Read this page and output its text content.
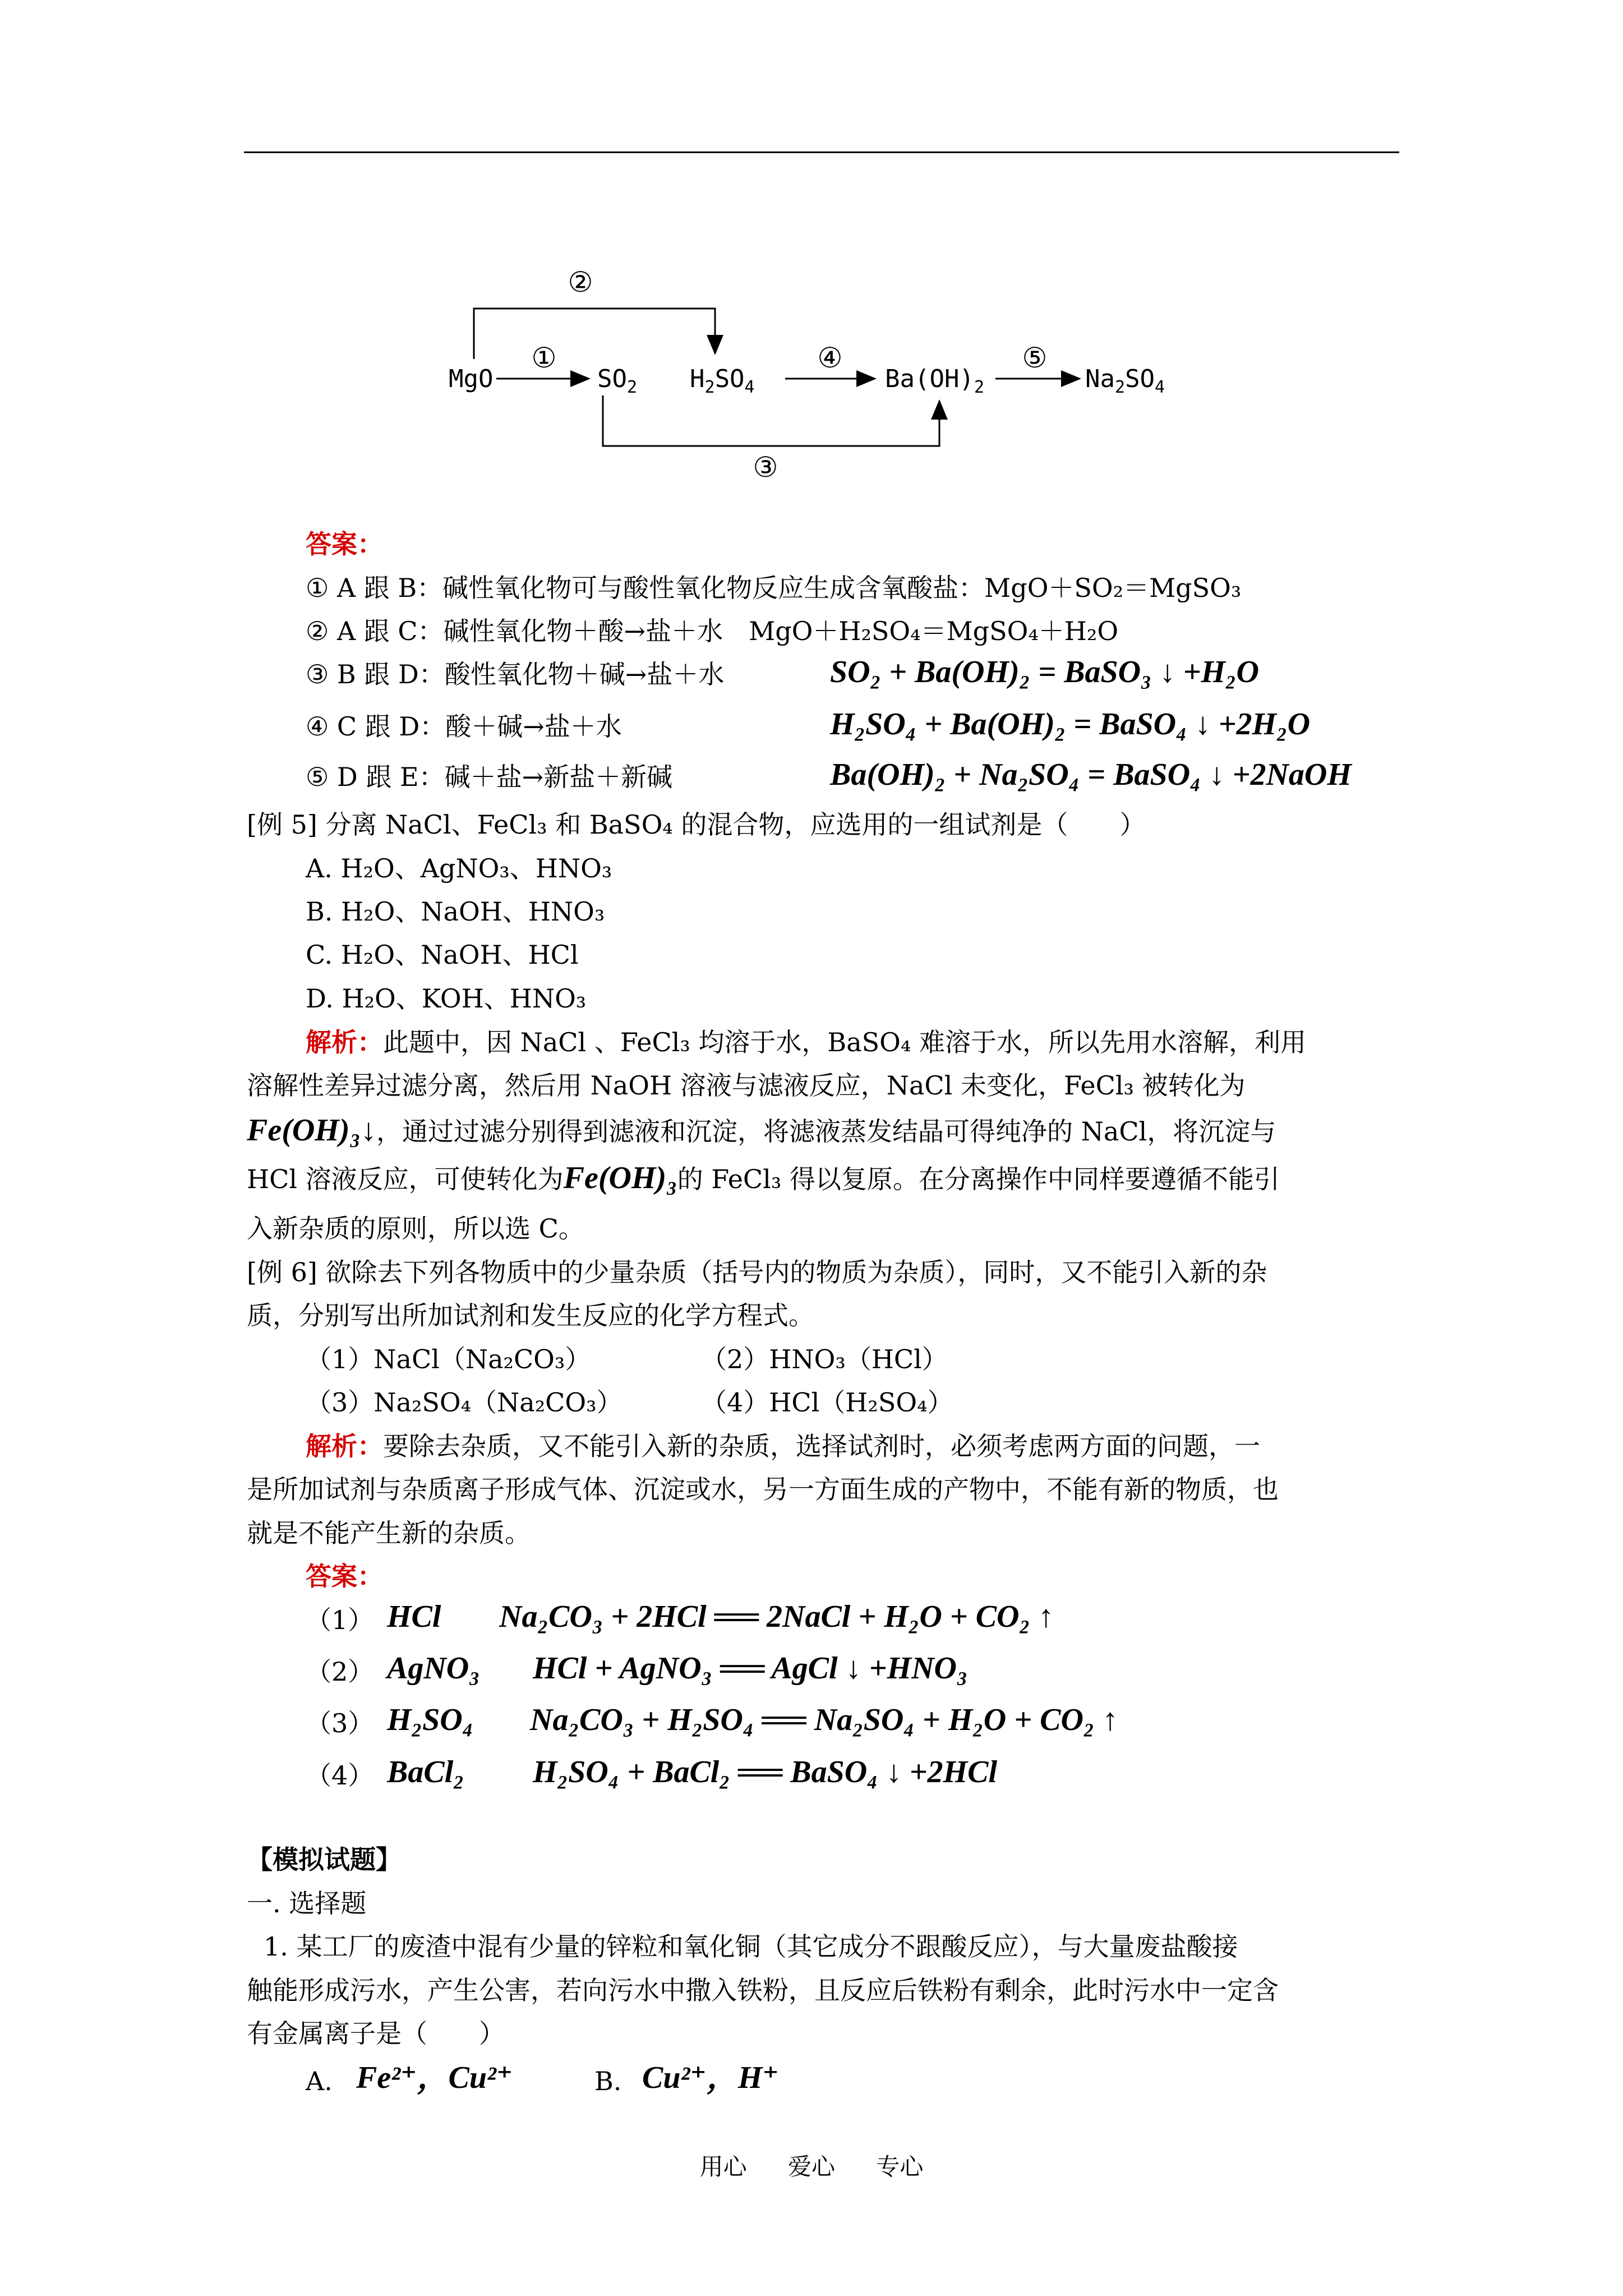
MgO	$SO_2$ $H_2SO_4$	$Ba(OH)_2$	$Na_2SO_4$
①
②
③
④	⑤
答案：
① A 跟 B：碱性氧化物可与酸性氧化物反应生成含氧酸盐：MgO＋SO₂＝MgSO₃
② A 跟 C：碱性氧化物＋酸→盐＋水　MgO＋H₂SO₄＝MgSO₄＋H₂O
③ B 跟 D：酸性氧化物＋碱→盐＋水	SO₂ + Ba(OH)₂ = BaSO₃ ↓ +H₂O
④ C 跟 D：酸＋碱→盐＋水	H₂SO₄ + Ba(OH)₂ = BaSO₄ ↓ +2H₂O
⑤ D 跟 E：碱＋盐→新盐＋新碱	Ba(OH)₂ + Na₂SO₄ = BaSO₄ ↓ +2NaOH
[例 5] 分离 NaCl、FeCl₃ 和 BaSO₄ 的混合物，应选用的一组试剂是（　　）
A. H₂O、AgNO₃、HNO₃
B. H₂O、NaOH、HNO₃
C. H₂O、NaOH、HCl
D. H₂O、KOH、HNO₃
解析：此题中，因 NaCl 、FeCl₃ 均溶于水，BaSO₄ 难溶于水，所以先用水溶解，利用
溶解性差异过滤分离，然后用 NaOH 溶液与滤液反应，NaCl 未变化，FeCl₃ 被转化为
Fe(OH)₃↓，通过过滤分别得到滤液和沉淀，将滤液蒸发结晶可得纯净的 NaCl，将沉淀与
HCl 溶液反应，可使转化为Fe(OH)₃的 FeCl₃ 得以复原。在分离操作中同样要遵循不能引
入新杂质的原则，所以选 C。
[例 6] 欲除去下列各物质中的少量杂质（括号内的物质为杂质），同时，又不能引入新的杂
质，分别写出所加试剂和发生反应的化学方程式。
（1）NaCl（Na₂CO₃）	（2）HNO₃（HCl）
（3）Na₂SO₄（Na₂CO₃）	（4）HCl（H₂SO₄）
解析：要除去杂质，又不能引入新的杂质，选择试剂时，必须考虑两方面的问题，一
是所加试剂与杂质离子形成气体、沉淀或水，另一方面生成的产物中，不能有新的物质，也
就是不能产生新的杂质。
答案：
（1） HCl Na₂CO₃ + 2HCl ══ 2NaCl + H₂O + CO₂ ↑
（2） AgNO₃ HCl + AgNO₃ ══ AgCl ↓ +HNO₃
（3） H₂SO₄ Na₂CO₃ + H₂SO₄ ══ Na₂SO₄ + H₂O + CO₂ ↑
（4） BaCl₂ H₂SO₄ + BaCl₂ ══ BaSO₄ ↓ +2HCl
【模拟试题】
一. 选择题
1. 某工厂的废渣中混有少量的锌粒和氧化铜（其它成分不跟酸反应），与大量废盐酸接
触能形成污水，产生公害，若向污水中撒入铁粉，且反应后铁粉有剩余，此时污水中一定含
有金属离子是（　　）
A. Fe²⁺，Cu²⁺	B. Cu²⁺，H⁺
用心 爱心 专心
